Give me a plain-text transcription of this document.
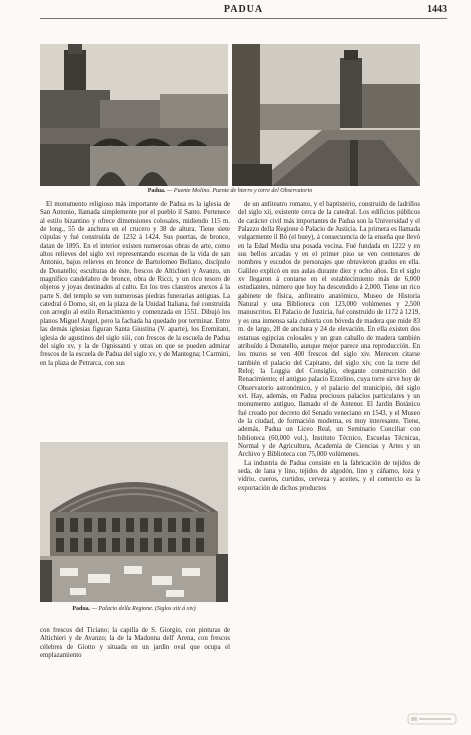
PADUA	1443
Padua. — Puente Molino. Puente de hierro y torre del Observatorio

El monumento religioso más importante de Padua es la iglesia de San Antonio, llamada simplemente por el pueblo il Santo. Pertenece al estilo bizantino y ofrece dimensiones colosales, midiendo 115 m. de long., 55 de anchura en el crucero y 38 de altura. Tiene siete cúpulas y fué construída de 1232 á 1424. Sus puertas, de bronce, datan de 1895. En el interior existen numerosas obras de arte, como altos relieves del siglo xvi representando escenas de la vida de san Antonio, bajos relieves en bronce de Bartolomeo Bellano, discípulo de Donatello; esculturas de éste, frescos de Altichieri y Avanzo, un magnífico candelabro de bronce, obra de Ricci, y un rico tesoro de objetos y joyas destinados al culto. En los tres claustros anexos á la parte S. del templo se ven numerosas piedras funerarias antiguas. La catedral ó Domo, sit, en la plaza de la Unidad Italiana, fué construída con arreglo al estilo Renacimiento y comenzada en 1551. Dibujó los planos Miguel Angel, pero la fachada ha quedado por terminar. Entre las demás iglesias figuran Santa Giustina (V. aparte), los Eremitani, iglesia de agustinos del siglo xiii, con frescos de la escuela de Padua del siglo xv, y la de Ognissanti y otras en que se pueden admirar frescos de la escuela de Padua del siglo xv, y de Mantegna; l Carmini, en la plaza de Petrarca, con sus

de un anfiteatro romano, y el baptisterio, construído de ladrillos del siglo xii, existente cerca de la catedral. Los edificios públicos de carácter civil más importantes de Padua son la Universidad y el Palazzo della Regione ó Palacio de Justicia. La primera es llamada vulgarmente il Bò (el buey), á consecuencia de la enseña que llevó en la Edad Media una posada vecina. Fué fundada en 1222 y en sus bellos arcadas y en el primer piso se ven centenares de nombres y escudos de personajes que obtuvieron grados en ella. Galileo explicó en sus aulas durante diez y ocho años. En el siglo xv llegaron á contarse en el establecimiento más de 6,000 estudiantes, número que hoy ha descendido á 2,000. Tiene un rico gabinete de física, anfiteatro anatómico, Museo de Historia Natural y una Biblioteca con 123,000 volúmenes y 2,500 manuscritos. El Palacio de Justicia, fué construído de 1172 á 1219, y es una inmensa sala cubierta con bóveda de madera que mide 83 m. de largo, 28 de anchura y 24 de elevación. En ella existen dos estatuas egipcias colosales y un gran caballo de madera también atribuído á Donatello, aunque mejor parece una reproducción. En los muros se ven 400 frescos del siglo xiv. Merecen citarse también el palacio del Capitano, del siglo xiv, con la torre del Reloj; la Loggia del Consiglio, elegante construcción del Renacimiento; el antiguo palacio Ezzelino, cuya torre sirve hoy de Observatorio astronómico, y el palacio del municipio, del siglo xvi. Hay, además, en Padua preciosos palacios particulares y un monumento antiguo, llamado el de Antenor. El Jardín Botánico fué creado por decreto del Senado veneciano en 1543, y el Museo de la ciudad, de formación moderna, es muy interesante. Tiene, además, Padua un Liceo Real, un Seminario Conciliar con biblioteca (60,000 vol.), Instituto Técnico, Escuelas Técnicas, Normal y de Agricultura, Academia de Ciencias y Artes y un Archivo y Biblioteca con 75,000 volúmenes.

La industria de Padua consiste en la fabricación de tejidos de seda, de lana y lino, tejidos de algodón, lino y cáñamo, loza y vidrio, cueros, curtidos, cerveza y aceites, y el comercio es la exportación de dichos productos

Padua. — Palacio della Regione. (Siglos xiii á xiv)

con frescos del Ticiano; la capilla de S. Giorgio, con pinturas de Altichieri y de Avanzo; la de la Madonna dell' Arena, con frescos célebres de Giotto y situada en un jardín oval que ocupa el emplazamiento
